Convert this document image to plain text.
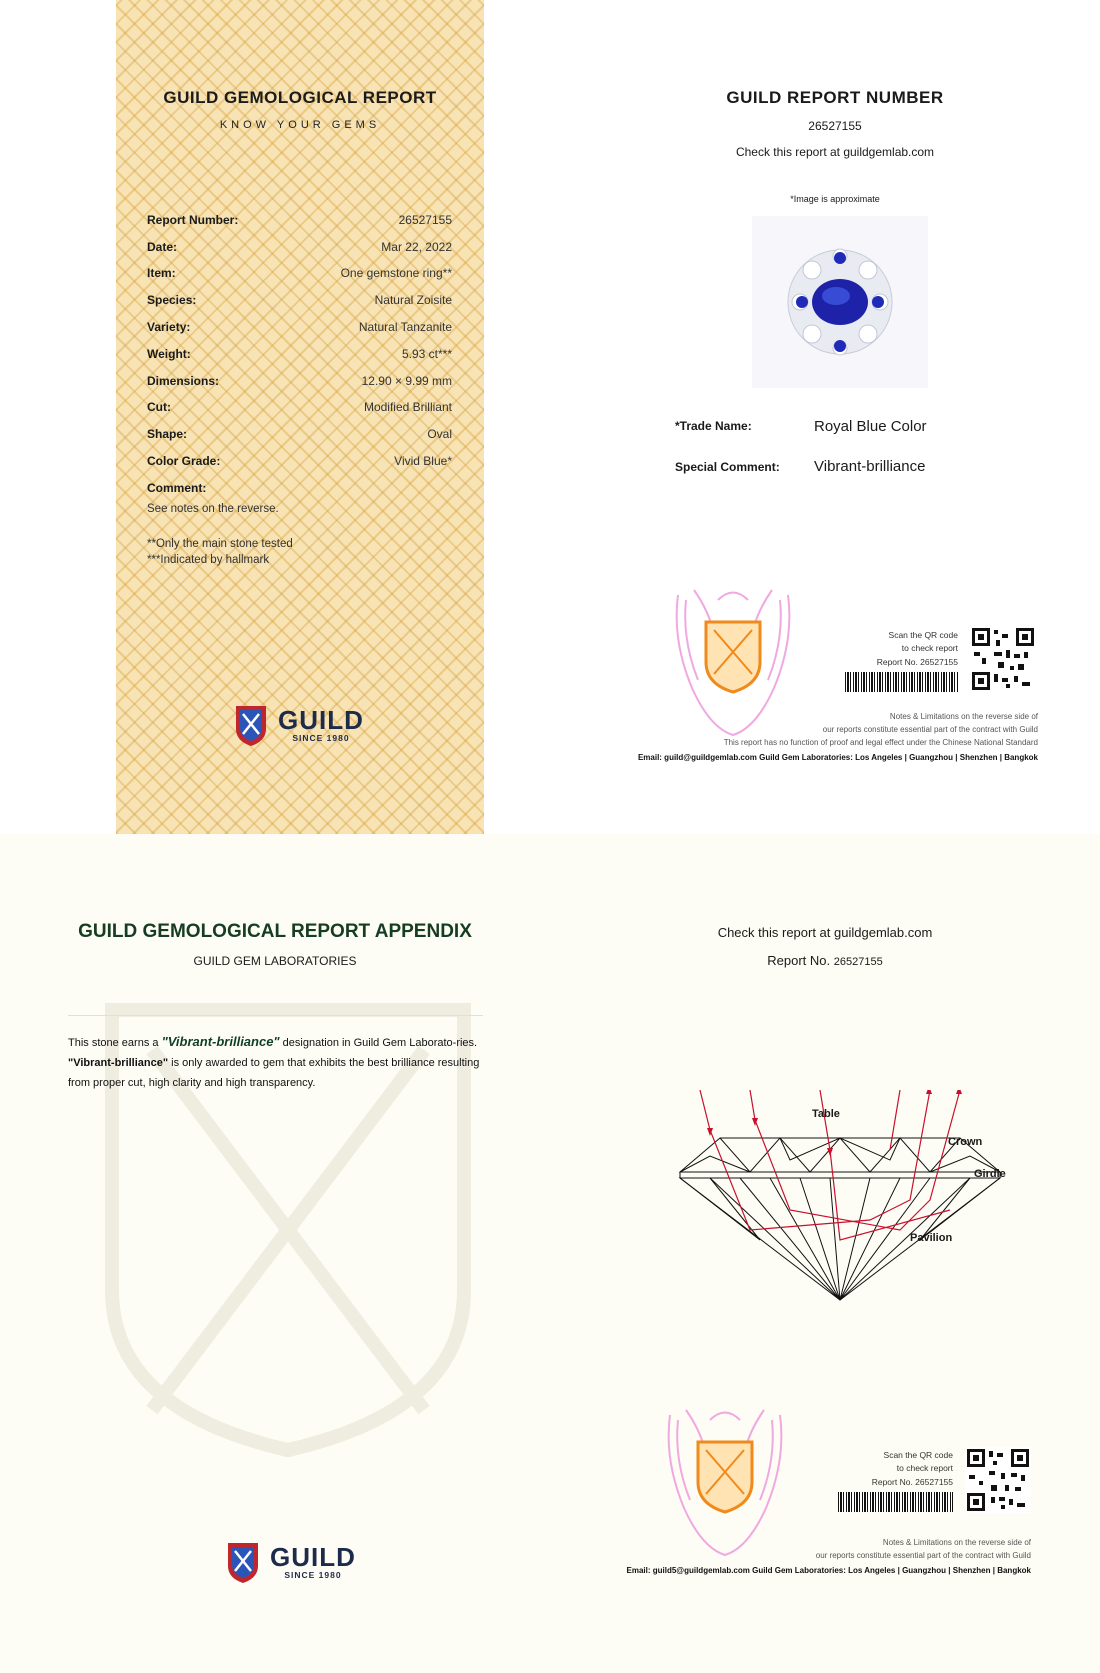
GUILD GEMOLOGICAL REPORT
KNOW YOUR GEMS
Report Number:	26527155
Date:	Mar 22, 2022
Item:	One gemstone ring**
Species:	Natural Zoisite
Variety:	Natural Tanzanite
Weight:	5.93 ct***
Dimensions:	12.90 × 9.99 mm
Cut:	Modified Brilliant
Shape:	Oval
Color Grade:	Vivid Blue*
Comment:
See notes on the reverse.
**Only the main stone tested
***Indicated by hallmark
GUILD
SINCE 1980
GUILD REPORT NUMBER
26527155
Check this report at guildgemlab.com
*Image is approximate
*Trade Name:	Royal Blue Color
Special Comment: Vibrant-brilliance
Scan the QR code
to check report
Report No. 26527155
Notes & Limitations on the reverse side of
our reports constitute essential part of the contract with Guild
This report has no function of proof and legal effect under the Chinese National Standard
Email: guild@guildgemlab.com Guild Gem Laboratories: Los Angeles | Guangzhou | Shenzhen | Bangkok
GUILD GEMOLOGICAL REPORT APPENDIX
GUILD GEM LABORATORIES
This stone earns a "Vibrant-brilliance" designation in Guild Gem Laborato-ries. "Vibrant-brilliance" is only awarded to gem that exhibits the best brilliance resulting from proper cut, high clarity and high transparency.
GUILD
SINCE 1980
Check this report at guildgemlab.com
Report No. 26527155
Table
Crown
Girdle
Pavilion
Scan the QR code
to check report
Report No. 26527155
Notes & Limitations on the reverse side of
our reports constitute essential part of the contract with Guild
Email: guild5@guildgemlab.com Guild Gem Laboratories: Los Angeles | Guangzhou | Shenzhen | Bangkok
